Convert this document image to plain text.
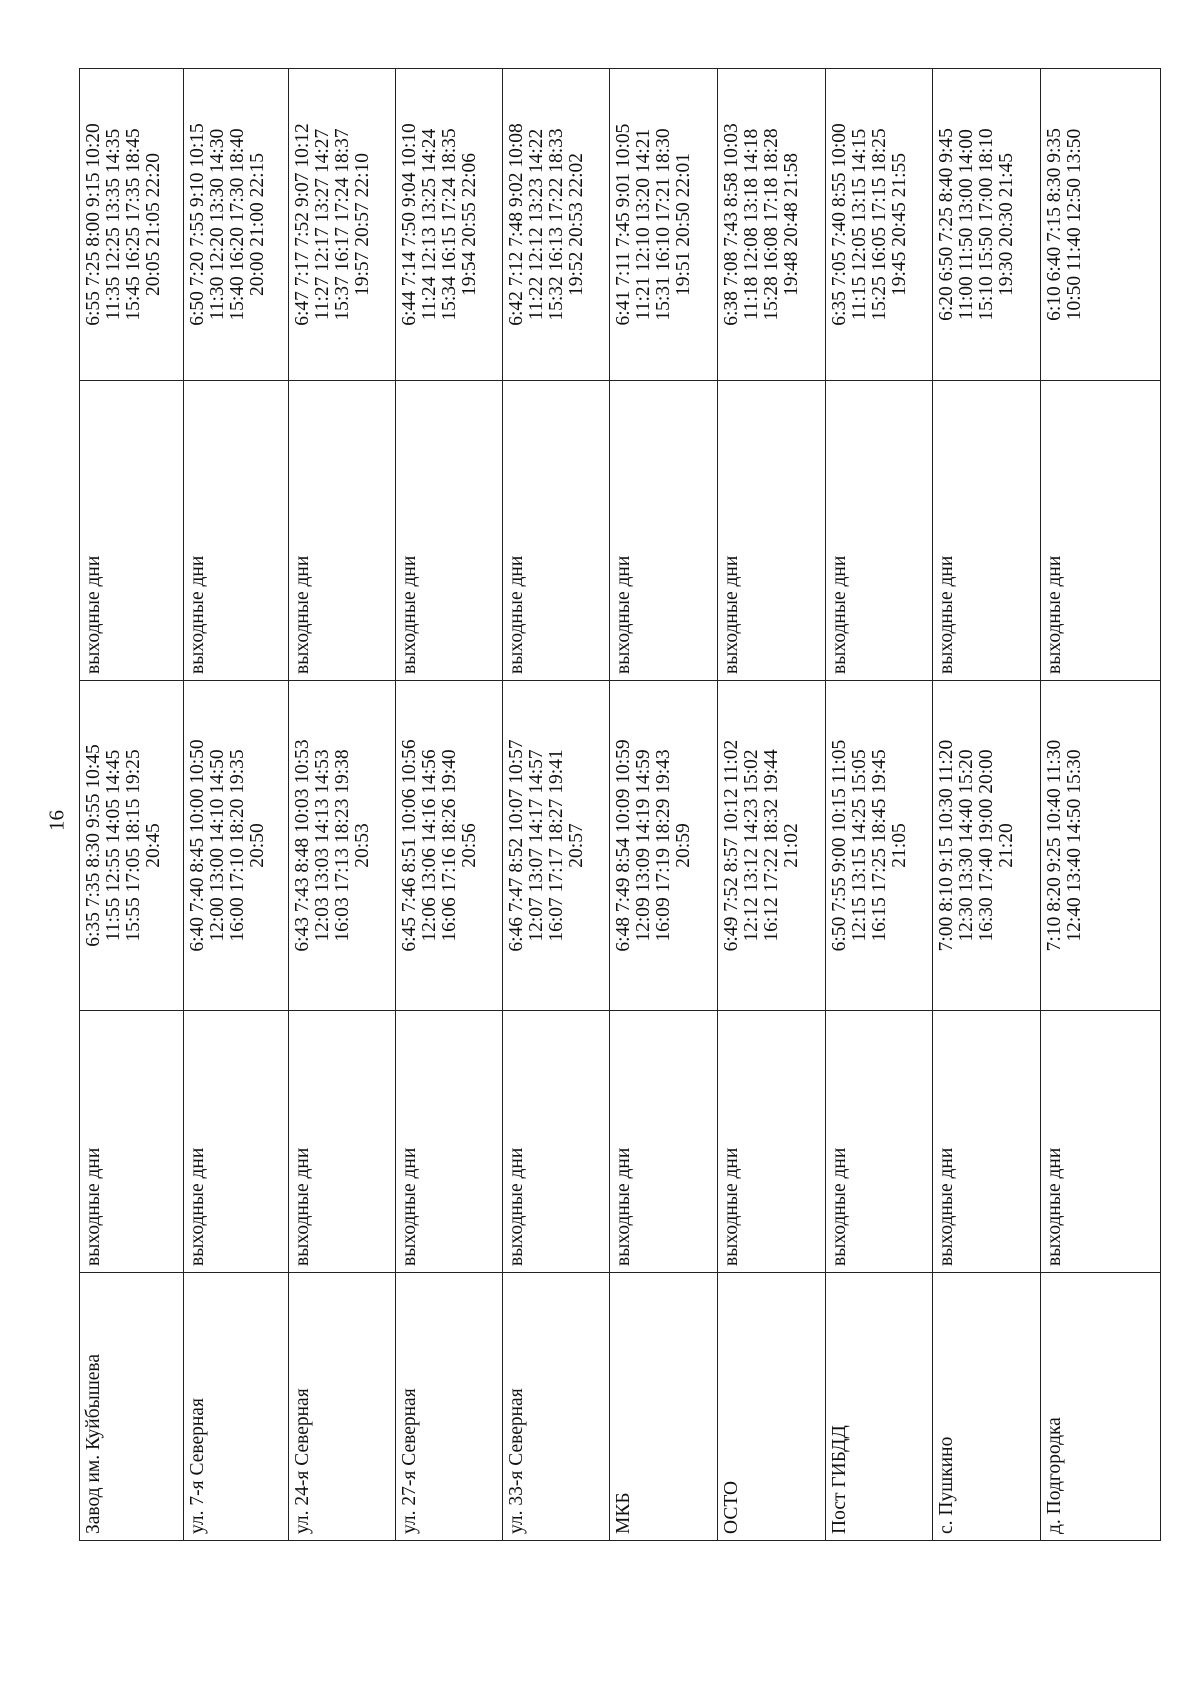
16
Завод им. Куйбышева	выходные дни	6:35 7:35 8:30 9:55 10:45 11:55 12:55 14:05 14:45 15:55 17:05 18:15 19:25 20:45	выходные дни	6:55 7:25 8:00 9:15 10:20 11:35 12:25 13:35 14:35 15:45 16:25 17:35 18:45 20:05 21:05 22:20

ул. 7-я Северная	выходные дни	6:40 7:40 8:45 10:00 10:50 12:00 13:00 14:10 14:50 16:00 17:10 18:20 19:35 20:50	выходные дни	6:50 7:20 7:55 9:10 10:15 11:30 12:20 13:30 14:30 15:40 16:20 17:30 18:40 20:00 21:00 22:15

ул. 24-я Северная	выходные дни	6:43 7:43 8:48 10:03 10:53 12:03 13:03 14:13 14:53 16:03 17:13 18:23 19:38 20:53	выходные дни	6:47 7:17 7:52 9:07 10:12 11:27 12:17 13:27 14:27 15:37 16:17 17:24 18:37 19:57 20:57 22:10

ул. 27-я Северная	выходные дни	6:45 7:46 8:51 10:06 10:56 12:06 13:06 14:16 14:56 16:06 17:16 18:26 19:40 20:56	выходные дни	6:44 7:14 7:50 9:04 10:10 11:24 12:13 13:25 14:24 15:34 16:15 17:24 18:35 19:54 20:55 22:06

ул. 33-я Северная	выходные дни	6:46 7:47 8:52 10:07 10:57 12:07 13:07 14:17 14:57 16:07 17:17 18:27 19:41 20:57	выходные дни	6:42 7:12 7:48 9:02 10:08 11:22 12:12 13:23 14:22 15:32 16:13 17:22 18:33 19:52 20:53 22:02

МКБ	выходные дни	6:48 7:49 8:54 10:09 10:59 12:09 13:09 14:19 14:59 16:09 17:19 18:29 19:43 20:59	выходные дни	6:41 7:11 7:45 9:01 10:05 11:21 12:10 13:20 14:21 15:31 16:10 17:21 18:30 19:51 20:50 22:01

ОСТО	выходные дни	6:49 7:52 8:57 10:12 11:02 12:12 13:12 14:23 15:02 16:12 17:22 18:32 19:44 21:02	выходные дни	6:38 7:08 7:43 8:58 10:03 11:18 12:08 13:18 14:18 15:28 16:08 17:18 18:28 19:48 20:48 21:58

Пост ГИБДД	выходные дни	6:50 7:55 9:00 10:15 11:05 12:15 13:15 14:25 15:05 16:15 17:25 18:45 19:45 21:05	выходные дни	6:35 7:05 7:40 8:55 10:00 11:15 12:05 13:15 14:15 15:25 16:05 17:15 18:25 19:45 20:45 21:55

с. Пушкино	выходные дни	7:00 8:10 9:15 10:30 11:20 12:30 13:30 14:40 15:20 16:30 17:40 19:00 20:00 21:20	выходные дни	6:20 6:50 7:25 8:40 9:45 11:00 11:50 13:00 14:00 15:10 15:50 17:00 18:10 19:30 20:30 21:45

д. Подгородка	выходные дни	7:10 8:20 9:25 10:40 11:30 12:40 13:40 14:50 15:30	выходные дни	6:10 6:40 7:15 8:30 9:35 10:50 11:40 12:50 13:50
